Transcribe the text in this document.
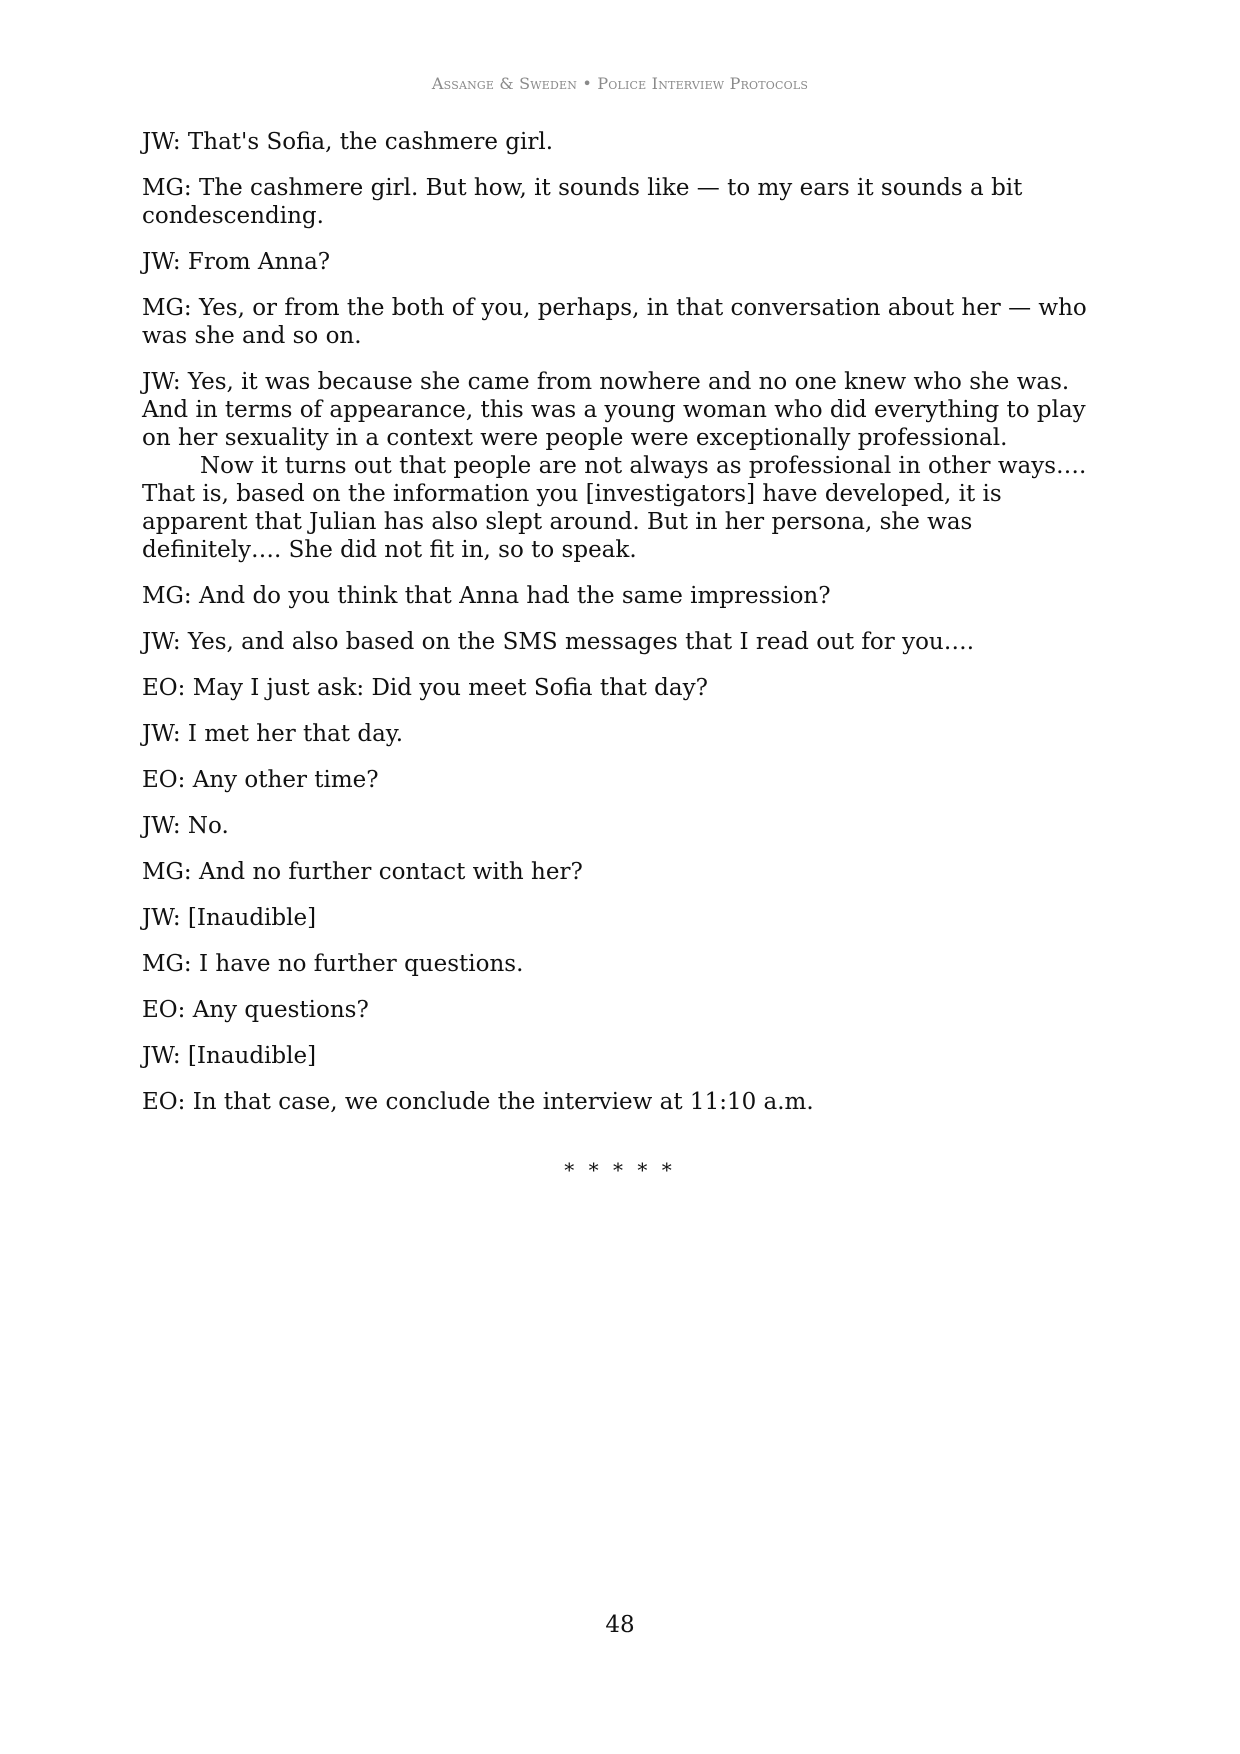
Assange & Sweden • Police Interview Protocols

JW: That's Sofia, the cashmere girl.

MG: The cashmere girl. But how, it sounds like — to my ears it sounds a bit condescending.

JW: From Anna?

MG: Yes, or from the both of you, perhaps, in that conversation about her — who was she and so on.

JW: Yes, it was because she came from nowhere and no one knew who she was. And in terms of appearance, this was a young woman who did everything to play on her sexuality in a context were people were exceptionally professional.
Now it turns out that people are not always as professional in other ways…. That is, based on the information you [investigators] have developed, it is apparent that Julian has also slept around. But in her persona, she was definitely…. She did not fit in, so to speak.

MG: And do you think that Anna had the same impression?

JW: Yes, and also based on the SMS messages that I read out for you….

EO: May I just ask: Did you meet Sofia that day?

JW: I met her that day.

EO: Any other time?

JW: No.

MG: And no further contact with her?

JW: [Inaudible]

MG: I have no further questions.

EO: Any questions?

JW: [Inaudible]

EO: In that case, we conclude the interview at 11:10 a.m.

* * * * *
48
